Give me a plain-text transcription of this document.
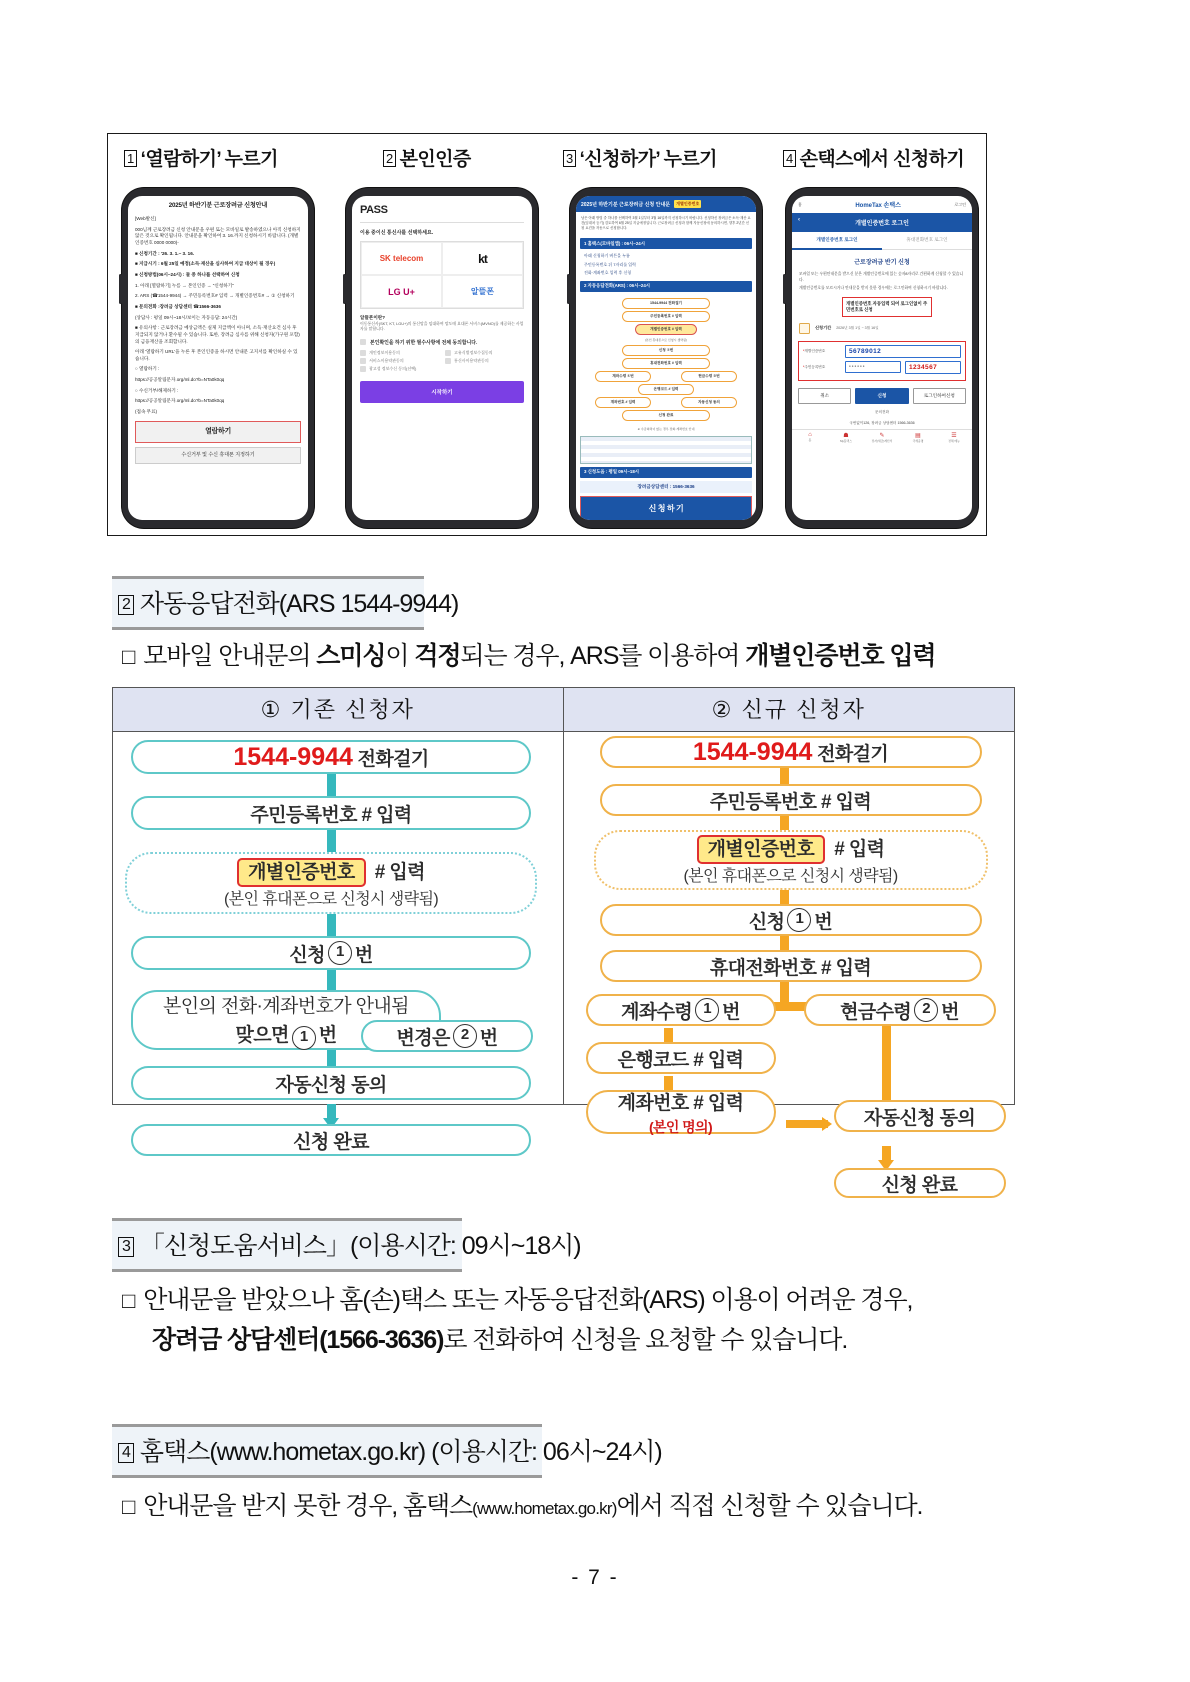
1 ‘열람하기’ 누르기	2 본인인증	3 ‘신청하가’ 누르기	4 손택스에서 신청하기
2025년 하반기분 근로장려금 신청안내

[Web발신]

000님께 근로장려금 신청 안내문을 우편 또는 모바일로 발송하였으나 아직 신청하지 않은 것으로 확인됩니다. 안내문을 확인하여 3. 16.까지 신청하시기 바랍니다. (개별인증번호 0000 0000)-

■ 신청기간 : '26. 3. 1.~ 3. 16.

■ 지급시기 : 6월 25일 예정(소득·재산을 심사하여 지급 대상이 될 경우)

■ 신청방법(06시~24시) : 둘 중 하나를 선택하여 신청

1. 아래 [열람하기] 누름 → 본인인증 → "신청하기"

2. ARS (☎1544-9944) → 주민등록번호# 입력 → 개별인증번호# → ① 신청하기

■ 문의전화 :장려금 상담센터 ☎1566-3636

(상담사 : 평일 09시~18시/보이는 자동응답: 24시간)

■ 유의사항 : 근로장려금 예상금액은 실제 지급액이 아니며, 소득·재산요건 심사 후 지급되지 않거나 환수될 수 있습니다. 또한, 장려금 심사를 위해 신청자(가구원 포함)의 금융재산을 조회합니다.

아래 '열람하기 URL'을 누른 후 본인인증을 하시면 안내문 고지서를 확인하실 수 있습니다.

○ 열람하기 :

https://공공알림문자.org/ml.do?b=NTa0k0qq

○ 수신거부/해제하기 :

https://공공알림문자.org/ml.do?b=NTa0k0qq

(접속 무료)

열람하기
수신거부 및 수신 휴대폰 지정하기
PASS
이용 중이신 통신사를 선택하세요.
SK telecom	kt
LG U+	알뜰폰
알뜰폰이란?
이동통신사(SKT, KT, LGU+)의 통신망을 임대하여 망도매 요대폰 서비스(MVNO)를 제공하는 사업자를 말합니다.
본인확인을 하기 위한 필수사항에 전체 동의합니다.
개인정보이용동의	고유식별정보수집동의
서비스이용약관동의	통신사이용약관동의
광고성 정보수신 동의(선택)
시작하기
2025년 하반기분 근로장려금 신청 안내문	개별인증번호
남은 아래 방법 중 하나를 선택하여 3월 1일부터 3월 16일까지 신청하시기 바랍니다. 신청하신 장려금은 소득·재산 요건(임대차 등기) 검토하여 6월 25일 지급예정입니다. 근로장려금 신청과 함께 자동신청에 동의하시면, 향후 2년간 신청 요건을 자동으로 신청합니다.
1 홈택스(모바일앱) : 06시~24시
아래 신청하기 버튼을 누름
주민등록번호 뒤 7자리를 입력
전화·계좌번호 입력 후 신청
2 자동응답전화(ARS) : 06시~24시
1544-9944 전화걸기
주민등록번호 # 입력
개별인증번호 # 입력
(본인 휴대폰으로 신청시 생략됨)
신청 ①번
휴대전화번호 # 입력
계좌수령 ①번	현금수령 ②번
은행코드 # 입력
계좌번호 # 입력	자동신청 동의
신청 완료
※ 수급의력이 없는 경우 전화·계좌번호 안내
3 신청도움 : 평일 09시~18시
장려금상담센터 : 1566-3636
신 청 하 기
홈	HomeTax 손택스	로그인
‹
개별인증번호 로그인
개별인증번호 로그인	휴대전화번호 로그인
근로장려금 반기 신청
모바일 또는 우편안내문을 받으신 분은 개별인증번호에 있는 숫자8자리로 간편하게 신청할 수 있습니다.
개별인증번호를 모르시거나 안내문을 받지 못한 경우에는 로그인하여 신청하시기 바랍니다.
개별인증번호 자동입력 되어 로그인없이 주민번호로 신청
신청기간 2026년 3월 1일 ~ 3월 16일
*개별인증번호	56789012
*주민등록번호	••••••	1234567
취소	신청	로그인하여신청
문의전화
국번없이126, 장려금 상담센터 1566-3636
⌂
홈
☗
My홈택스
✎
전자(세금)계산서
▤
국세증명
☰
전체 메뉴
2 자동응답전화(ARS 1544-9944)
□ 모바일 안내문의 스미싱이 걱정되는 경우, ARS를 이용하여 개별인증번호 입력
① 기존 신청자
1544-9944
전화걸기
주민등록번호 # 입력
개별인증번호 # 입력
(본인 휴대폰으로 신청시 생략됨)
신청 1 번
본인의 전화·계좌번호가 안내됨
맞으면 1 번	변경은 2 번
자동신청 동의
신청 완료
② 신규 신청자
1544-9944
전화걸기
주민등록번호 # 입력
개별인증번호 # 입력
(본인 휴대폰으로 신청시 생략됨)
신청 1 번
휴대전화번호 # 입력
계좌수령 1 번	현금수령 2 번
은행코드 # 입력
계좌번호 # 입력
(본인 명의)	자동신청 동의
신청 완료
3 「신청도움서비스」(이용시간: 09시~18시)
□ 안내문을 받았으나 홈(손)택스 또는 자동응답전화(ARS) 이용이 어려운 경우,
장려금 상담센터(1566-3636)로 전화하여 신청을 요청할 수 있습니다.
4 홈택스(www.hometax.go.kr) (이용시간: 06시~24시)
□ 안내문을 받지 못한 경우, 홈택스(www.hometax.go.kr)에서 직접 신청할 수 있습니다.
- 7 -
